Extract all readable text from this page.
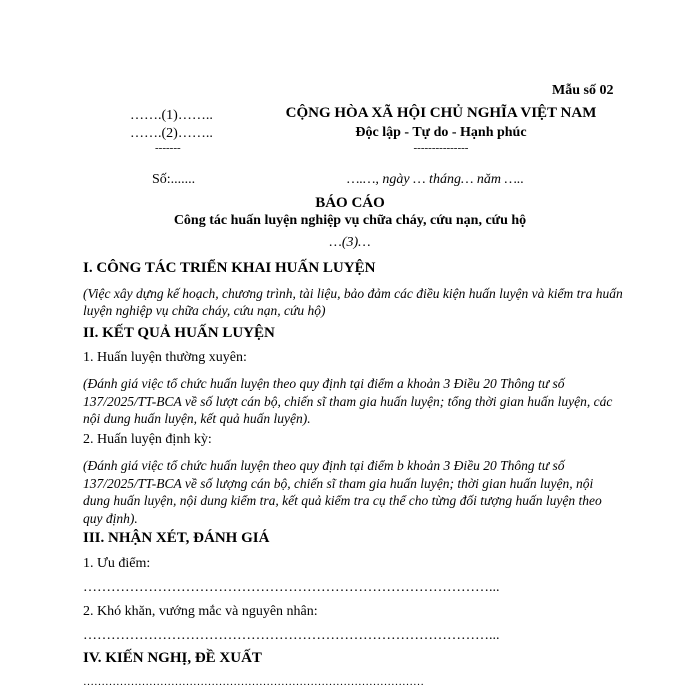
Mẫu số 02
…….(1)……..
…….(2)……..
-------
CỘNG HÒA XÃ HỘI CHỦ NGHĨA VIỆT NAM
Độc lập - Tự do - Hạnh phúc
---------------
Số:.......	….…, ngày … tháng… năm …..
BÁO CÁO
Công tác huấn luyện nghiệp vụ chữa cháy, cứu nạn, cứu hộ
…(3)…
I. CÔNG TÁC TRIỂN KHAI HUẤN LUYỆN
(Việc xây dựng kế hoạch, chương trình, tài liệu, bảo đảm các điều kiện huấn luyện và kiểm tra huấn luyện nghiệp vụ chữa cháy, cứu nạn, cứu hộ)
II. KẾT QUẢ HUẤN LUYỆN
1. Huấn luyện thường xuyên:
(Đánh giá việc tổ chức huấn luyện theo quy định tại điểm a khoản 3 Điều 20 Thông tư số 137/2025/TT-BCA về số lượt cán bộ, chiến sĩ tham gia huấn luyện; tổng thời gian huấn luyện, các nội dung huấn luyện, kết quả huấn luyện).
2. Huấn luyện định kỳ:
(Đánh giá việc tổ chức huấn luyện theo quy định tại điểm b khoản 3 Điều 20 Thông tư số 137/2025/TT-BCA về số lượng cán bộ, chiến sĩ tham gia huấn luyện; thời gian huấn luyện, nội dung huấn luyện, nội dung kiểm tra, kết quả kiểm tra cụ thể cho từng đối tượng huấn luyện theo quy định).
III. NHẬN XÉT, ĐÁNH GIÁ
1. Ưu điểm:
……………………………………………………………………………...
2. Khó khăn, vướng mắc và nguyên nhân:
……………………………………………………………………………...
IV. KIẾN NGHỊ, ĐỀ XUẤT
…………………………………………………………………………………
